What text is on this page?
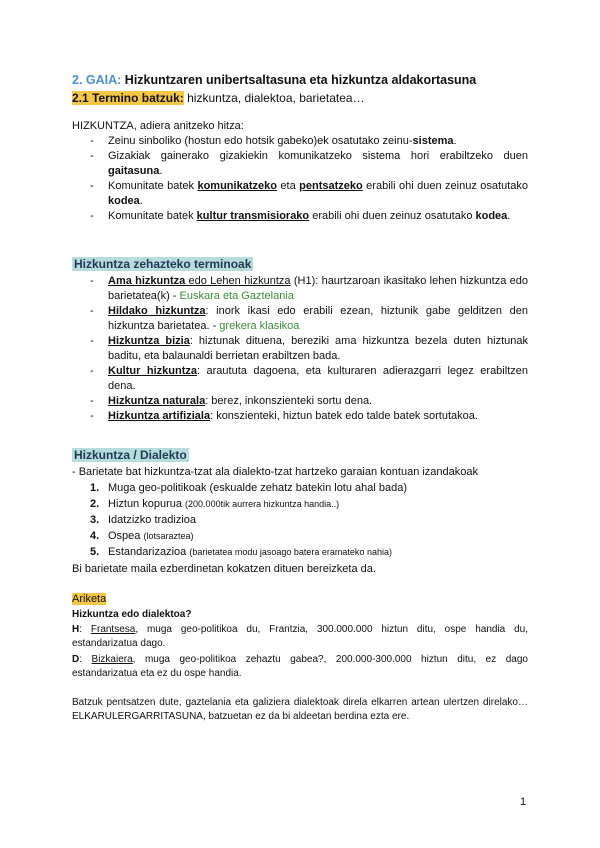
2. GAIA: Hizkuntzaren unibertsaltasuna eta hizkuntza aldakortasuna
2.1 Termino batzuk: hizkuntza, dialektoa, barietatea…
HIZKUNTZA, adiera anitzeko hitza:
- Zeinu sinboliko (hostun edo hotsik gabeko)ek osatutako zeinu-sistema.
- Gizakiak gainerako gizakiekin komunikatzeko sistema hori erabiltzeko duen gaitasuna.
- Komunitate batek komunikatzeko eta pentsatzeko erabili ohi duen zeinuz osatutako kodea.
- Komunitate batek kultur transmisiorako erabili ohi duen zeinuz osatutako kodea.
Hizkuntza zehazteko terminoak
- Ama hizkuntza edo Lehen hizkuntza (H1): haurtzaroan ikasitako lehen hizkuntza edo barietatea(k) - Euskara eta Gaztelania
- Hildako hizkuntza: inork ikasi edo erabili ezean, hiztunik gabe gelditzen den hizkuntza barietatea. - grekera klasikoa
- Hizkuntza bizia: hiztunak dituena, bereziki ama hizkuntza bezela duten hiztunak baditu, eta balaunaldi berrietan erabiltzen bada.
- Kultur hizkuntza: araututa dagoena, eta kulturaren adierazgarri legez erabiltzen dena.
- Hizkuntza naturala: berez, inkonszienteki sortu dena.
- Hizkuntza artifiziala: konszienteki, hiztun batek edo talde batek sortutakoa.
Hizkuntza / Dialekto
- Barietate bat hizkuntza-tzat ala dialekto-tzat hartzeko garaian kontuan izandakoak
1. Muga geo-politikoak (eskualde zehatz batekin lotu ahal bada)
2. Hiztun kopurua (200.000tik aurrera hizkuntza handia..)
3. Idatzizko tradizioa
4. Ospea (lotsaraztea)
5. Estandarizazioa (barietatea modu jasoago batera eramateko nahia)
Bi barietate maila ezberdinetan kokatzen dituen bereizketa da.
Ariketa
Hizkuntza edo dialektoa?
H: Frantsesa, muga geo-politikoa du, Frantzia, 300.000.000 hiztun ditu, ospe handia du, estandarizatua dago.
D: Bizkaiera, muga geo-politikoa zehaztu gabea?, 200.000-300.000 hiztun ditu, ez dago estandarizatua eta ez du ospe handia.
Batzuk pentsatzen dute, gaztelania eta galiziera dialektoak direla elkarren artean ulertzen direlako… ELKARULERGARRITASUNA, batzuetan ez da bi aldeetan berdina ezta ere.
1
